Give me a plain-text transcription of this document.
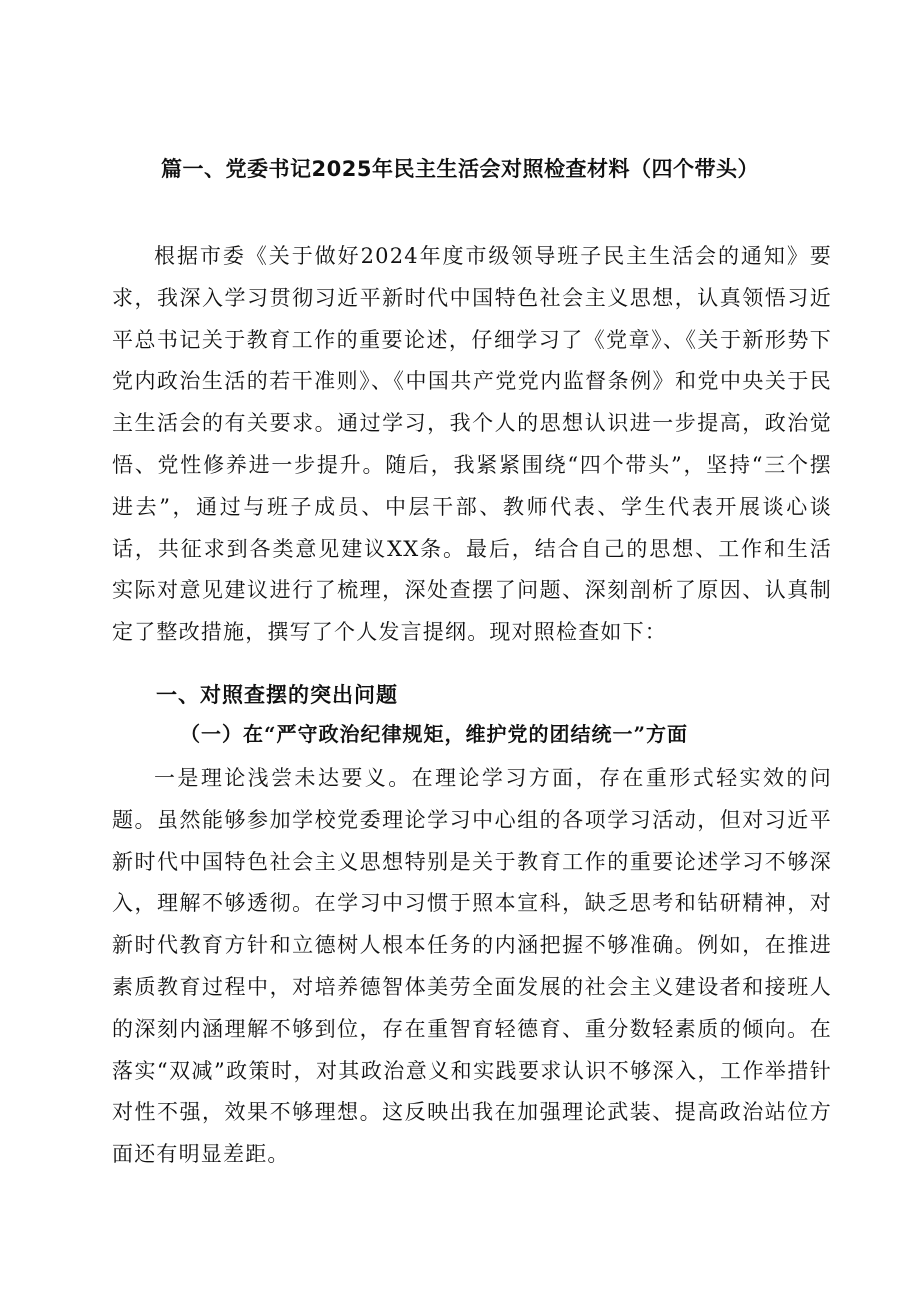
篇一、党委书记2025年民主生活会对照检查材料（四个带头）

根据市委《关于做好2024年度市级领导班子民主生活会的通知》要求，我深入学习贯彻习近平新时代中国特色社会主义思想，认真领悟习近平总书记关于教育工作的重要论述，仔细学习了《党章》、《关于新形势下党内政治生活的若干准则》、《中国共产党党内监督条例》和党中央关于民主生活会的有关要求。通过学习，我个人的思想认识进一步提高，政治觉悟、党性修养进一步提升。随后，我紧紧围绕“四个带头”，坚持“三个摆进去”，通过与班子成员、中层干部、教师代表、学生代表开展谈心谈话，共征求到各类意见建议XX条。最后，结合自己的思想、工作和生活实际对意见建议进行了梳理，深处查摆了问题、深刻剖析了原因、认真制定了整改措施，撰写了个人发言提纲。现对照检查如下：

一、对照查摆的突出问题
（一）在“严守政治纪律规矩，维护党的团结统一”方面

一是理论浅尝未达要义。在理论学习方面，存在重形式轻实效的问题。虽然能够参加学校党委理论学习中心组的各项学习活动，但对习近平新时代中国特色社会主义思想特别是关于教育工作的重要论述学习不够深入，理解不够透彻。在学习中习惯于照本宣科，缺乏思考和钻研精神，对新时代教育方针和立德树人根本任务的内涵把握不够准确。例如，在推进素质教育过程中，对培养德智体美劳全面发展的社会主义建设者和接班人的深刻内涵理解不够到位，存在重智育轻德育、重分数轻素质的倾向。在落实“双减”政策时，对其政治意义和实践要求认识不够深入，工作举措针对性不强，效果不够理想。这反映出我在加强理论武装、提高政治站位方面还有明显差距。
